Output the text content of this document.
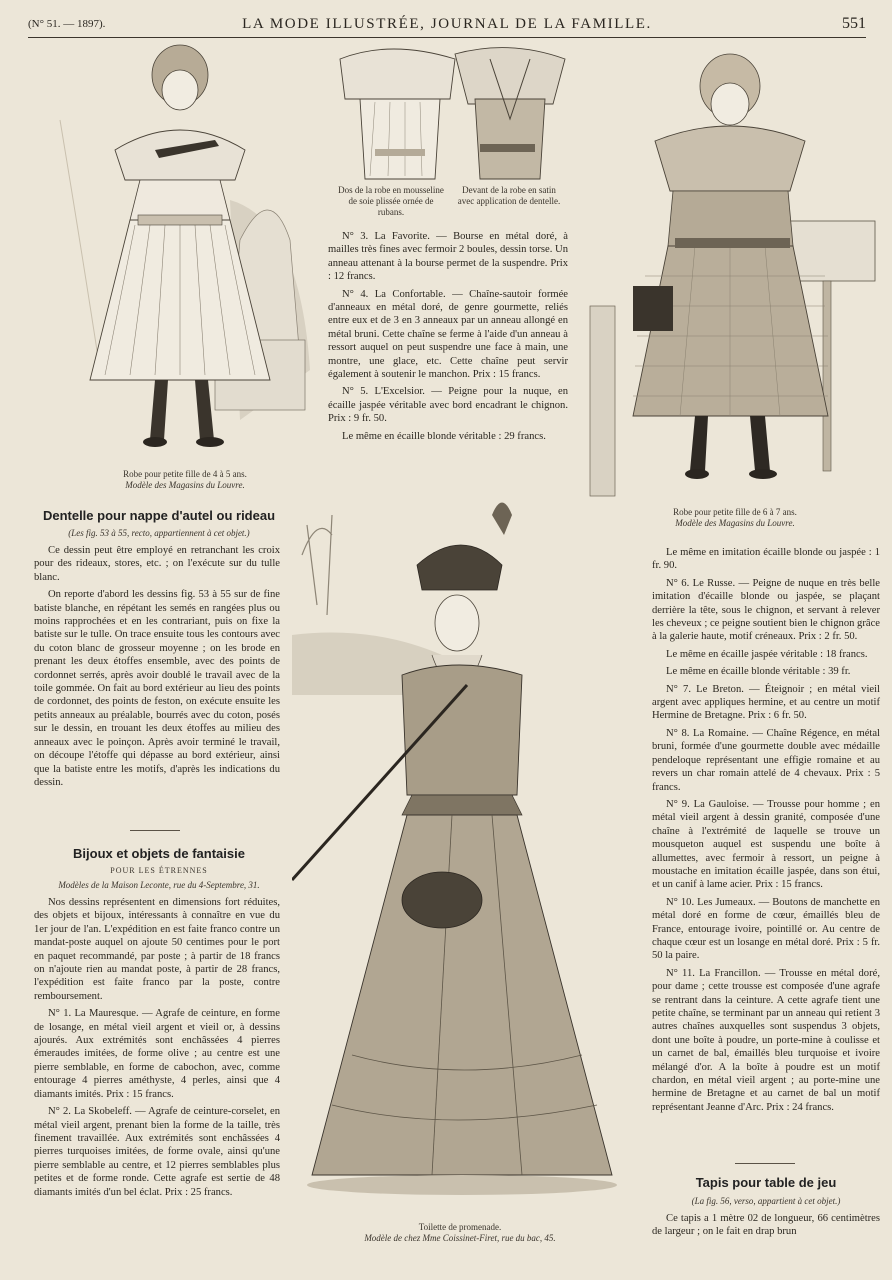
(N° 51. — 1897).	LA MODE ILLUSTRÉE, JOURNAL DE LA FAMILLE.	551
Robe pour petite fille de 4 à 5 ans.
Modèle des Magasins du Louvre.
Dos de la robe en mousseline de soie plissée ornée de rubans.
Devant de la robe en satin avec application de dentelle.

N° 3. La Favorite. — Bourse en métal doré, à mailles très fines avec fermoir 2 boules, dessin torse. Un anneau attenant à la bourse permet de la suspendre. Prix : 12 francs.

N° 4. La Confortable. — Chaîne-sautoir formée d'anneaux en métal doré, de genre gourmette, reliés entre eux et de 3 en 3 anneaux par un anneau allongé en métal bruni. Cette chaîne se ferme à l'aide d'un anneau à ressort auquel on peut suspendre une face à main, une montre, une glace, etc. Cette chaîne peut servir également à soutenir le manchon. Prix : 15 francs.

N° 5. L'Excelsior. — Peigne pour la nuque, en écaille jaspée véritable avec bord encadrant le chignon. Prix : 9 fr. 50.

Le même en écaille blonde véritable : 29 francs.

Robe pour petite fille de 6 à 7 ans.
Modèle des Magasins du Louvre.
Dentelle pour nappe d'autel ou rideau
(Les fig. 53 à 55, recto, appartiennent à cet objet.)

Ce dessin peut être employé en retranchant les croix pour des rideaux, stores, etc. ; on l'exécute sur du tulle blanc.

On reporte d'abord les dessins fig. 53 à 55 sur de fine batiste blanche, en répétant les semés en rangées plus ou moins rapprochées et en les contrariant, puis on fixe la batiste sur le tulle. On trace ensuite tous les contours avec du coton blanc de grosseur moyenne ; on les brode en prenant les deux étoffes ensemble, avec des points de cordonnet serrés, après avoir doublé le travail avec de la toile gommée. On fait au bord extérieur au lieu des points de cordonnet, des points de feston, on exécute ensuite les petits anneaux au préalable, bourrés avec du coton, posés sur le dessin, en trouant les deux étoffes au milieu des anneaux avec le poinçon. Après avoir terminé le travail, on découpe l'étoffe qui dépasse au bord extérieur, ainsi que la batiste entre les motifs, d'après les indications du dessin.

Bijoux et objets de fantaisie
POUR LES ÉTRENNES
Modèles de la Maison Leconte, rue du 4-Septembre, 31.

Nos dessins représentent en dimensions fort réduites, des objets et bijoux, intéressants à connaître en vue du 1er jour de l'an. L'expédition en est faite franco contre un mandat-poste auquel on ajoute 50 centimes pour le port en paquet recommandé, par poste ; à partir de 18 francs on n'ajoute rien au mandat poste, à partir de 28 francs, l'expédition est faite franco par la poste, contre remboursement.

N° 1. La Mauresque. — Agrafe de ceinture, en forme de losange, en métal vieil argent et vieil or, à dessins ajourés. Aux extrémités sont enchâssées 4 pierres émeraudes imitées, de forme olive ; au centre est une pierre semblable, en forme de cabochon, avec, comme entourage 4 pierres améthyste, 4 perles, ainsi que 4 diamants imités. Prix : 15 francs.

N° 2. La Skobeleff. — Agrafe de ceinture-corselet, en métal vieil argent, prenant bien la forme de la taille, très finement travaillée. Aux extrémités sont enchâssées 4 pierres turquoises imitées, de forme ovale, ainsi qu'une pierre semblable au centre, et 12 pierres semblables plus petites et de forme ronde. Cette agrafe est sertie de 48 diamants imités d'un bel éclat. Prix : 25 francs.

Toilette de promenade.
Modèle de chez Mme Coissinet-Firet, rue du bac, 45.

Le même en imitation écaille blonde ou jaspée : 1 fr. 90.

N° 6. Le Russe. — Peigne de nuque en très belle imitation d'écaille blonde ou jaspée, se plaçant derrière la tête, sous le chignon, et servant à relever les cheveux ; ce peigne soutient bien le chignon grâce à la galerie haute, motif créneaux. Prix : 2 fr. 50.

Le même en écaille jaspée véritable : 18 francs.

Le même en écaille blonde véritable : 39 fr.

N° 7. Le Breton. — Éteignoir ; en métal vieil argent avec appliques hermine, et au centre un motif Hermine de Bretagne. Prix : 6 fr. 50.

N° 8. La Romaine. — Chaîne Régence, en métal bruni, formée d'une gourmette double avec médaille pendeloque représentant une effigie romaine et au revers un char romain attelé de 4 chevaux. Prix : 5 francs.

N° 9. La Gauloise. — Trousse pour homme ; en métal vieil argent à dessin granité, composée d'une chaîne à l'extrémité de laquelle se trouve un mousqueton auquel est suspendu une boîte à allumettes, avec fermoir à ressort, un peigne à moustache en imitation écaille jaspée, dans son étui, et un canif à lame acier. Prix : 15 francs.

N° 10. Les Jumeaux. — Boutons de manchette en métal doré en forme de cœur, émaillés bleu de France, entourage ivoire, pointillé or. Au centre de chaque cœur est un losange en métal doré. Prix : 5 fr. 50 la paire.

N° 11. La Francillon. — Trousse en métal doré, pour dame ; cette trousse est composée d'une agrafe se rentrant dans la ceinture. A cette agrafe tient une petite chaîne, se terminant par un anneau qui retient 3 autres chaînes auxquelles sont suspendus 3 objets, dont une boîte à poudre, un porte-mine à coulisse et un carnet de bal, émaillés bleu turquoise et ivoire mélangé d'or. A la boîte à poudre est un motif chardon, en métal vieil argent ; au porte-mine une hermine de Bretagne et au carnet de bal un motif représentant Jeanne d'Arc. Prix : 24 francs.

Tapis pour table de jeu
(La fig. 56, verso, appartient à cet objet.)

Ce tapis a 1 mètre 02 de longueur, 66 centimètres de largeur ; on le fait en drap brun
